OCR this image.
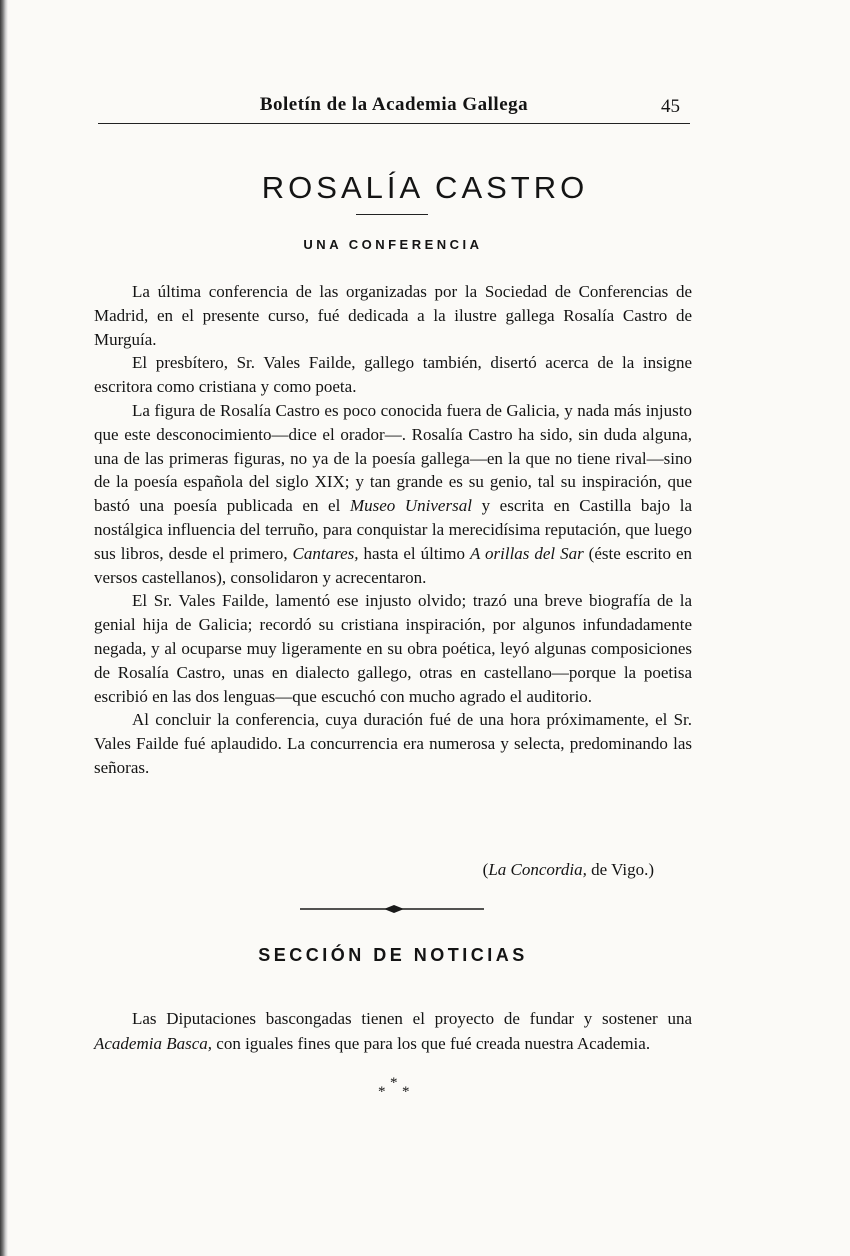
Boletín de la Academia Gallega	45
ROSALÍA CASTRO
UNA CONFERENCIA

La última conferencia de las organizadas por la Sociedad de Conferencias de Madrid, en el presente curso, fué dedicada a la ilustre gallega Rosalía Castro de Murguía.

El presbítero, Sr. Vales Failde, gallego también, disertó acerca de la insigne escritora como cristiana y como poeta.

La figura de Rosalía Castro es poco conocida fuera de Galicia, y nada más injusto que este desconocimiento—dice el orador—. Rosalía Castro ha sido, sin duda alguna, una de las primeras figuras, no ya de la poesía gallega—en la que no tiene rival—sino de la poesía española del siglo XIX; y tan grande es su genio, tal su inspiración, que bastó una poesía publicada en el Museo Universal y escrita en Castilla bajo la nostálgica influencia del terruño, para conquistar la merecidísima reputación, que luego sus libros, desde el primero, Cantares, hasta el último A orillas del Sar (éste escrito en versos castellanos), consolidaron y acrecentaron.

El Sr. Vales Failde, lamentó ese injusto olvido; trazó una breve biografía de la genial hija de Galicia; recordó su cristiana inspiración, por algunos infundadamente negada, y al ocuparse muy ligeramente en su obra poética, leyó algunas composiciones de Rosalía Castro, unas en dialecto gallego, otras en castellano—porque la poetisa escribió en las dos lenguas—que escuchó con mucho agrado el auditorio.

Al concluir la conferencia, cuya duración fué de una hora próximamente, el Sr. Vales Failde fué aplaudido. La concurrencia era numerosa y selecta, predominando las señoras.

(La Concordia, de Vigo.)
SECCIÓN DE NOTICIAS

Las Diputaciones bascongadas tienen el proyecto de fundar y sostener una Academia Basca, con iguales fines que para los que fué creada nuestra Academia.

*
* *
